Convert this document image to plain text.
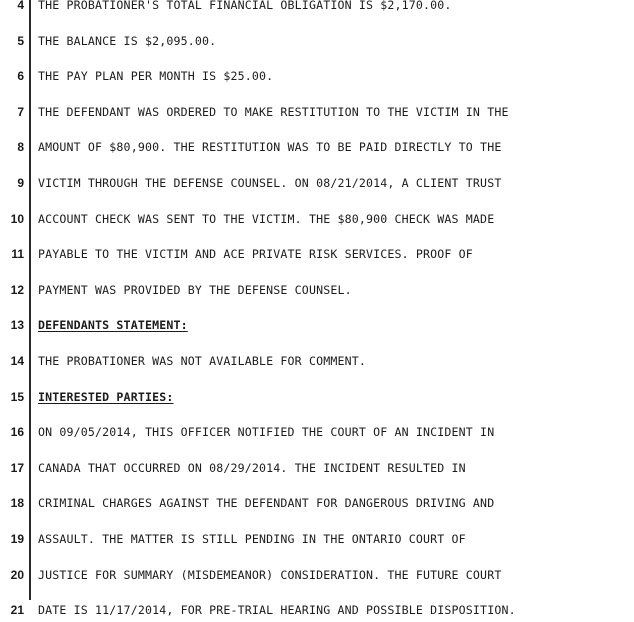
4 THE PROBATIONER'S TOTAL FINANCIAL OBLIGATION IS $2,170.00.
5 THE BALANCE IS $2,095.00.
6 THE PAY PLAN PER MONTH IS $25.00.
7 THE DEFENDANT WAS ORDERED TO MAKE RESTITUTION TO THE VICTIM IN THE
8 AMOUNT OF $80,900. THE RESTITUTION WAS TO BE PAID DIRECTLY TO THE
9 VICTIM THROUGH THE DEFENSE COUNSEL. ON 08/21/2014, A CLIENT TRUST
10 ACCOUNT CHECK WAS SENT TO THE VICTIM. THE $80,900 CHECK WAS MADE
11 PAYABLE TO THE VICTIM AND ACE PRIVATE RISK SERVICES. PROOF OF
12 PAYMENT WAS PROVIDED BY THE DEFENSE COUNSEL.
13 DEFENDANTS STATEMENT:
14 THE PROBATIONER WAS NOT AVAILABLE FOR COMMENT.
15 INTERESTED PARTIES:
16 ON 09/05/2014, THIS OFFICER NOTIFIED THE COURT OF AN INCIDENT IN
17 CANADA THAT OCCURRED ON 08/29/2014. THE INCIDENT RESULTED IN
18 CRIMINAL CHARGES AGAINST THE DEFENDANT FOR DANGEROUS DRIVING AND
19 ASSAULT. THE MATTER IS STILL PENDING IN THE ONTARIO COURT OF
20 JUSTICE FOR SUMMARY (MISDEMEANOR) CONSIDERATION. THE FUTURE COURT
21 DATE IS 11/17/2014, FOR PRE-TRIAL HEARING AND POSSIBLE DISPOSITION.
